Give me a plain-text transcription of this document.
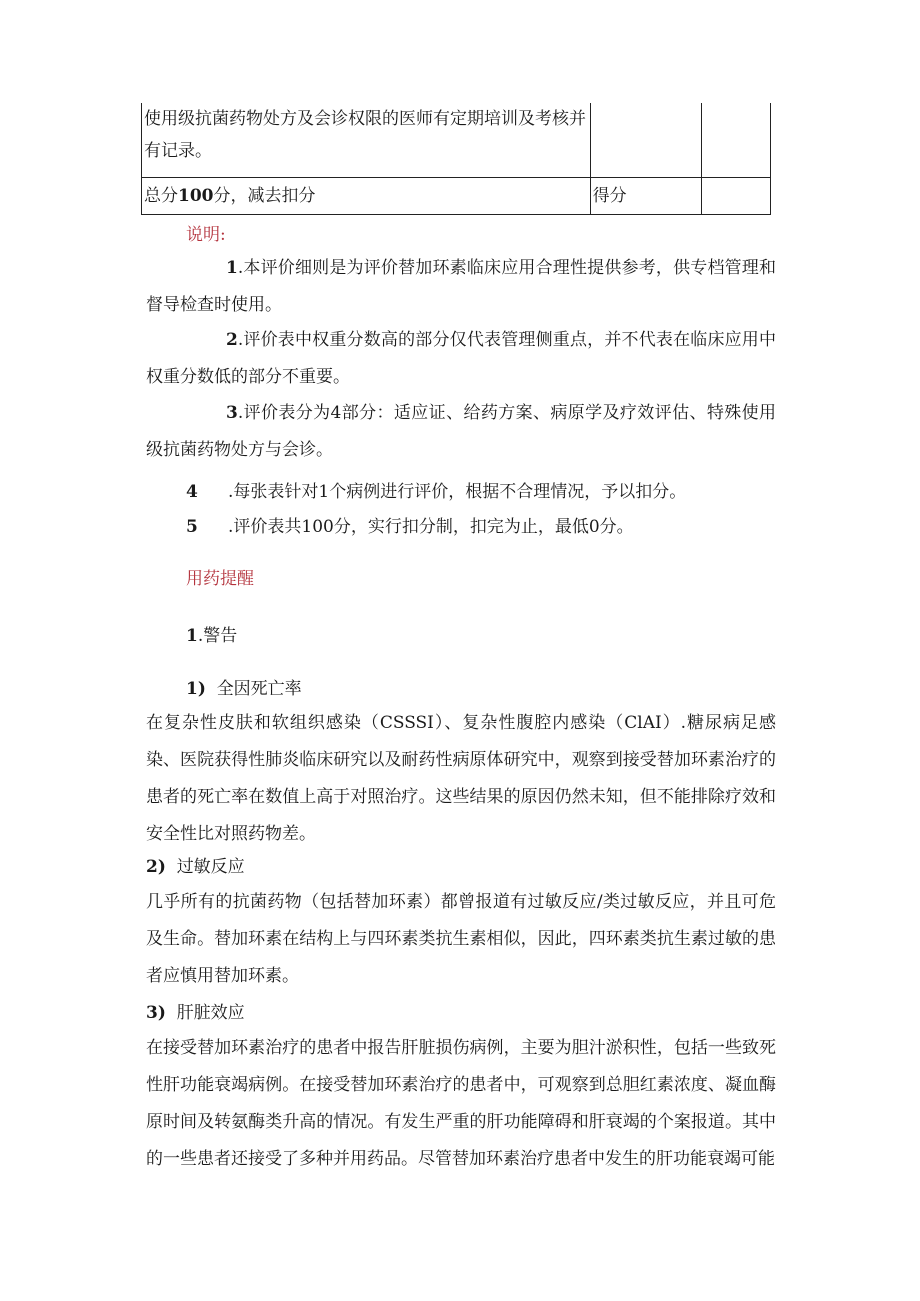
使用级抗菌药物处方及会诊权限的医师有定期培训及考核并有记录。		
总分100分，减去扣分	得分	
说明:
1.本评价细则是为评价替加环素临床应用合理性提供参考，供专档管理和督导检查时使用。
2.评价表中权重分数高的部分仅代表管理侧重点，并不代表在临床应用中权重分数低的部分不重要。
3.评价表分为4部分：适应证、给药方案、病原学及疗效评估、特殊使用级抗菌药物处方与会诊。
4 .每张表针对1个病例进行评价，根据不合理情况，予以扣分。
5 .评价表共100分，实行扣分制，扣完为止，最低0分。
用药提醒
1.警告
1) 全因死亡率
在复杂性皮肤和软组织感染（CSSSI）、复杂性腹腔内感染（ClAI）.糖尿病足感染、医院获得性肺炎临床研究以及耐药性病原体研究中，观察到接受替加环素治疗的患者的死亡率在数值上高于对照治疗。这些结果的原因仍然未知，但不能排除疗效和安全性比对照药物差。
2) 过敏反应
几乎所有的抗菌药物（包括替加环素）都曾报道有过敏反应/类过敏反应，并且可危及生命。替加环素在结构上与四环素类抗生素相似，因此，四环素类抗生素过敏的患者应慎用替加环素。
3) 肝脏效应
在接受替加环素治疗的患者中报告肝脏损伤病例，主要为胆汁淤积性，包括一些致死性肝功能衰竭病例。在接受替加环素治疗的患者中，可观察到总胆红素浓度、凝血酶原时间及转氨酶类升高的情况。有发生严重的肝功能障碍和肝衰竭的个案报道。其中的一些患者还接受了多种并用药品。尽管替加环素治疗患者中发生的肝功能衰竭可能
